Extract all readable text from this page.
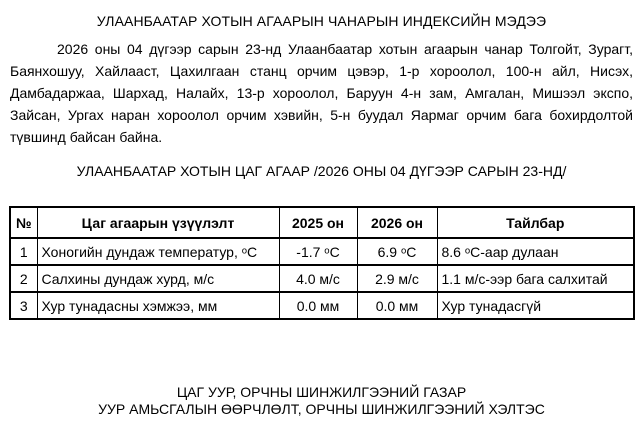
УЛААНБААТАР ХОТЫН АГААРЫН ЧАНАРЫН ИНДЕКСИЙН МЭДЭЭ

2026 оны 04 дүгээр сарын 23-нд Улаанбаатар хотын агаарын чанар Толгойт, Зурагт, Баянхошуу, Хайлааст, Цахилгаан станц орчим цэвэр, 1-р хороолол, 100-н айл, Нисэх, Дамбадаржаа, Шархад, Налайх, 13-р хороолол, Баруун 4-н зам, Амгалан, Мишээл экспо, Зайсан, Ургах наран хороолол орчим хэвийн, 5-н буудал Яармаг орчим бага бохирдолтой түвшинд байсан байна.

УЛААНБААТАР ХОТЫН ЦАГ АГААР /2026 ОНЫ 04 ДҮГЭЭР САРЫН 23-НД/
№	Цаг агаарын үзүүлэлт	2025 он	2026 он	Тайлбар
1	Хоногийн дундаж температур, ᵒС	-1.7 ᵒС	6.9 ᵒС	8.6 ᵒС-аар дулаан
2	Салхины дундаж хурд, м/с	4.0 м/с	2.9 м/с	1.1 м/с-ээр бага салхитай
3	Хур тунадасны хэмжээ, мм	0.0 мм	0.0 мм	Хур тунадасгүй
ЦАГ УУР, ОРЧНЫ ШИНЖИЛГЭЭНИЙ ГАЗАР
УУР АМЬСГАЛЫН ӨӨРЧЛӨЛТ, ОРЧНЫ ШИНЖИЛГЭЭНИЙ ХЭЛТЭС
